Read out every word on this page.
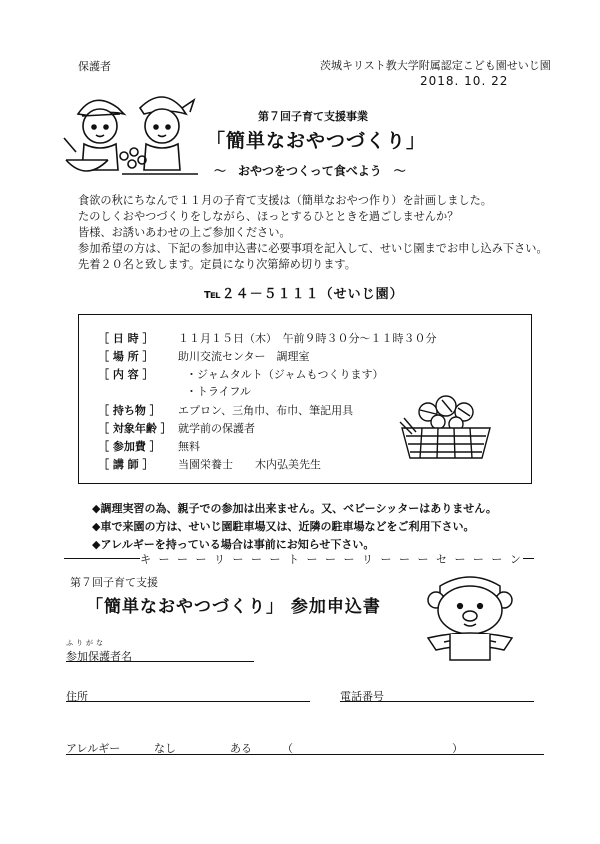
保護者	茨城キリスト教大学附属認定こども園せいじ園
2018. 10. 22
第７回子育て支援事業
「簡単なおやつづくり」
～　おやつをつくって食べよう　～
食欲の秋にちなんで１１月の子育て支援は（簡単なおやつ作り）を計画しました。
たのしくおやつづくりをしながら、ほっとするひとときを過ごしませんか？
皆様、お誘いあわせの上ご参加ください。
参加希望の方は、下記の参加申込書に必要事項を記入して、せいじ園までお申し込み下さい。
先着２０名と致します。定員になり次第締め切ります。
℡２４－５１１１（せいじ園）
［ 日 時 ］ １１月１５日（木）　午前９時３０分～１１時３０分
［ 場 所 ］ 助川交流センター　調理室
［ 内 容 ］	・ジャムタルト（ジャムもつくります）
・トライフル
［ 持ち物 ］ エプロン、三角巾、布巾、筆記用具
［ 対象年齢 ］ 就学前の保護者
［ 参加費 ］ 無料
［ 講 師 ］ 当園栄養士　　木内弘美先生
◆調理実習の為、親子での参加は出来ません。又、ベビーシッターはありません。
◆車で来園の方は、せいじ園駐車場又は、近隣の駐車場などをご利用下さい。
◆アレルギーを持っている場合は事前にお知らせ下さい。
キ ー ー ー リ ー ー ー ト ー ー ー リ ー ー ー セ ー ー ー ン
第７回子育て支援
「簡単なおやつづくり」 参加申込書
ふりがな
参加保護者名
住所	電話番号
アレルギー	なし	ある	（	）
